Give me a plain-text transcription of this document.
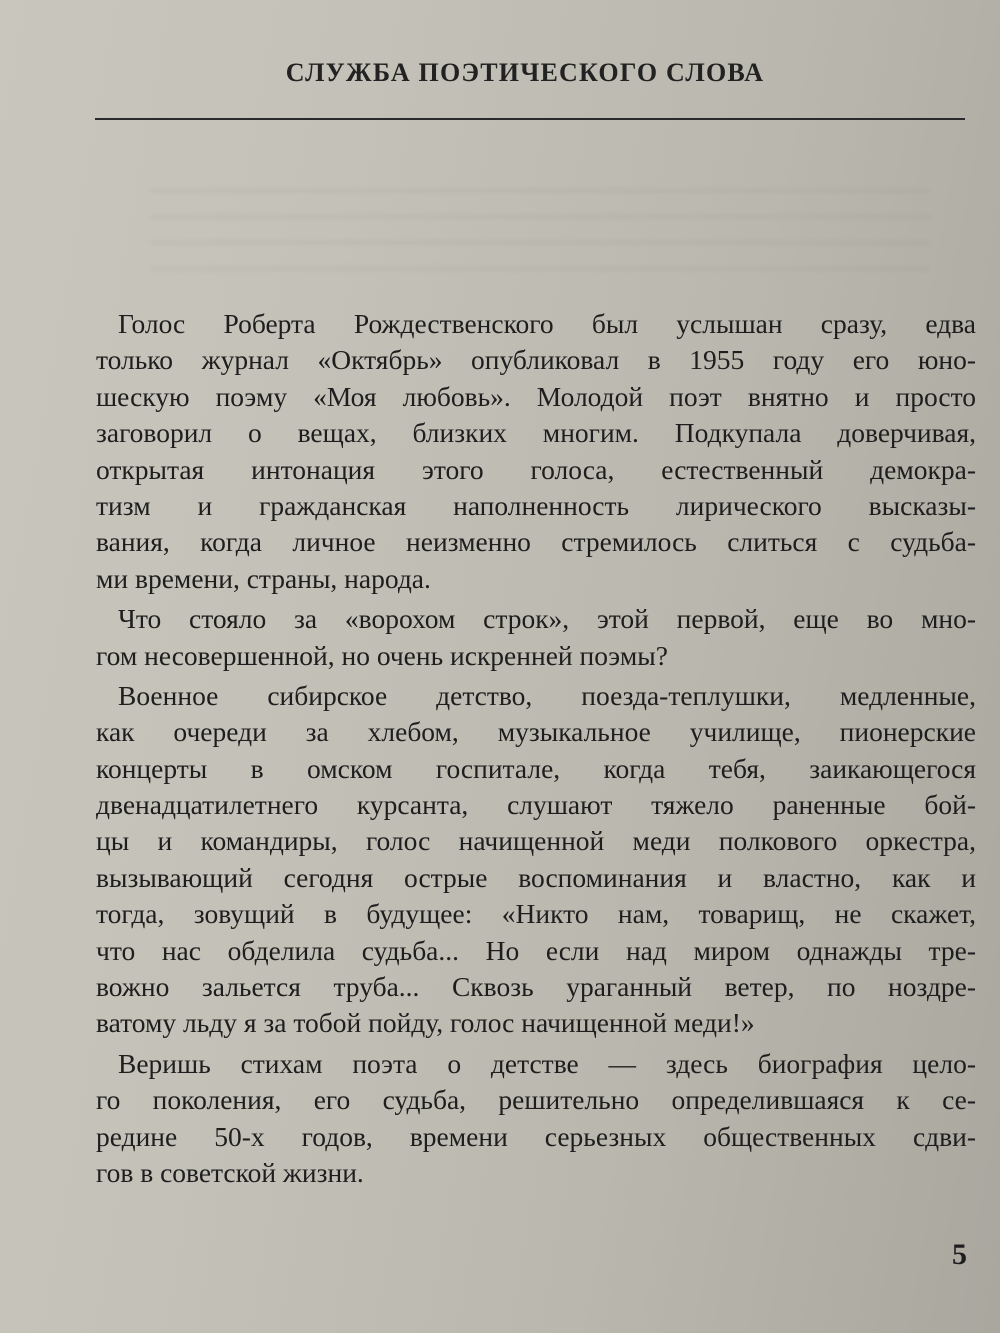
СЛУЖБА ПОЭТИЧЕСКОГО СЛОВА
Голос Роберта Рождественского был услышан сразу, едва
только журнал «Октябрь» опубликовал в 1955 году его юно-
шескую поэму «Моя любовь». Молодой поэт внятно и просто
заговорил о вещах, близких многим. Подкупала доверчивая,
открытая интонация этого голоса, естественный демокра-
тизм и гражданская наполненность лирического высказы-
вания, когда личное неизменно стремилось слиться с судьба-
ми времени, страны, народа.
Что стояло за «ворохом строк», этой первой, еще во мно-
гом несовершенной, но очень искренней поэмы?
Военное сибирское детство, поезда-теплушки, медленные,
как очереди за хлебом, музыкальное училище, пионерские
концерты в омском госпитале, когда тебя, заикающегося
двенадцатилетнего курсанта, слушают тяжело раненные бой-
цы и командиры, голос начищенной меди полкового оркестра,
вызывающий сегодня острые воспоминания и властно, как и
тогда, зовущий в будущее: «Никто нам, товарищ, не скажет,
что нас обделила судьба... Но если над миром однажды тре-
вожно зальется труба... Сквозь ураганный ветер, по ноздре-
ватому льду я за тобой пойду, голос начищенной меди!»
Веришь стихам поэта о детстве — здесь биография цело-
го поколения, его судьба, решительно определившаяся к се-
редине 50-х годов, времени серьезных общественных сдви-
гов в советской жизни.
5
